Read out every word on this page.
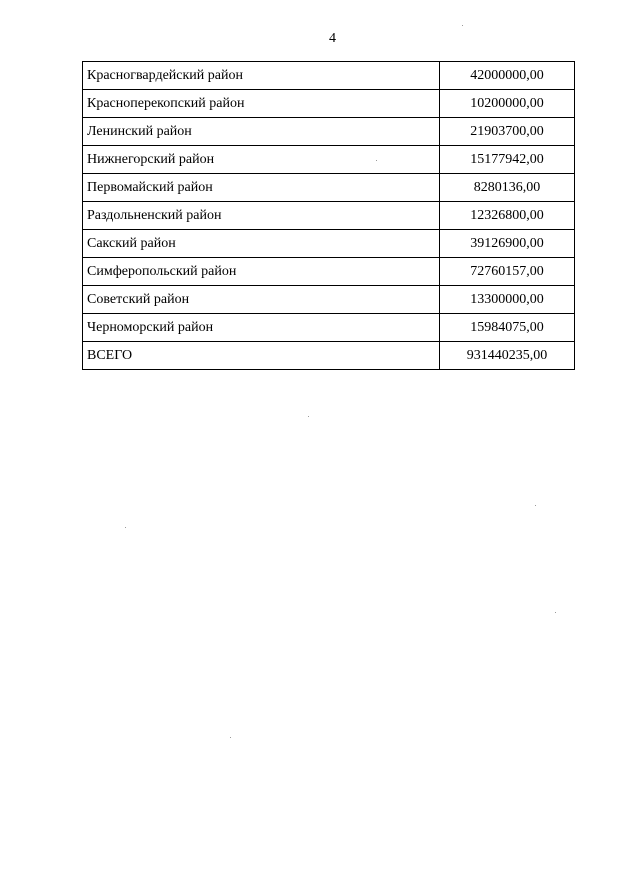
4
Красногвардейский район	42000000,00
Красноперекопский район	10200000,00
Ленинский район	21903700,00
Нижнегорский район	15177942,00
Первомайский район	8280136,00
Раздольненский район	12326800,00
Сакский район	39126900,00
Симферопольский район	72760157,00
Советский район	13300000,00
Черноморский район	15984075,00
ВСЕГО	931440235,00
